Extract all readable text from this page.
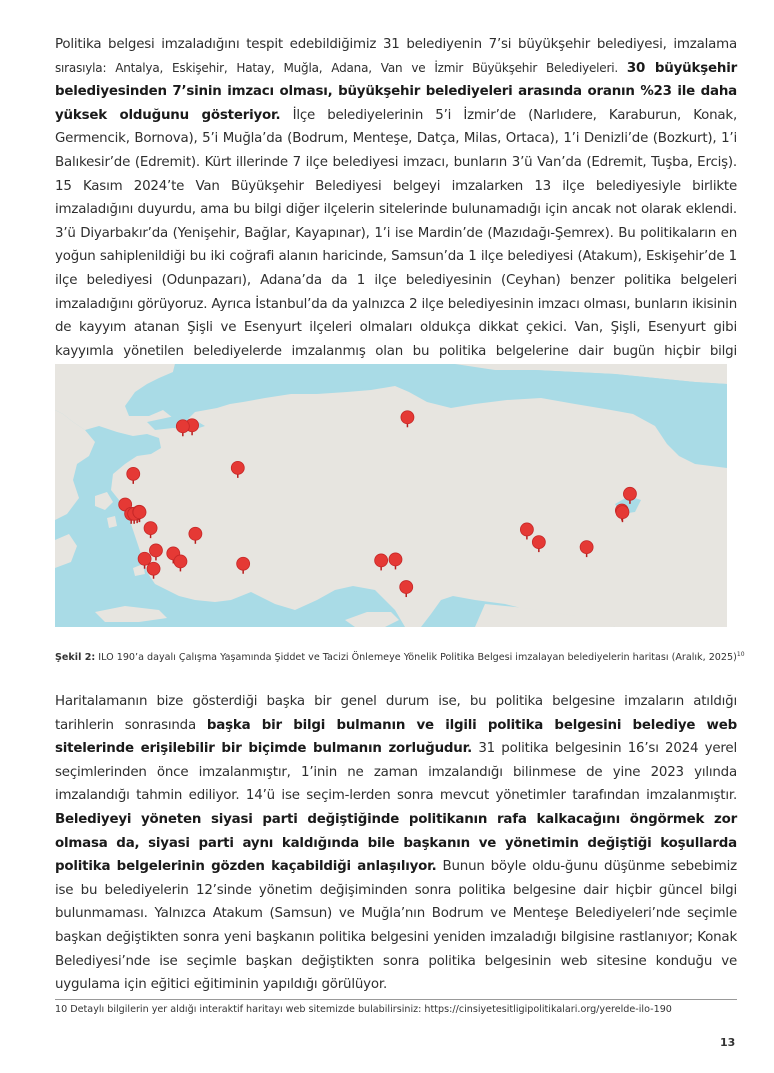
Politika belgesi imzaladığını tespit edebildiğimiz 31 belediyenin 7’si büyükşehir belediyesi, imzalama sırasıyla: Antalya, Eskişehir, Hatay, Muğla, Adana, Van ve İzmir Büyükşehir Belediyeleri. 30 büyükşehir belediyesinden 7’sinin imzacı olması, büyükşehir belediyeleri arasında oranın %23 ile daha yüksek olduğunu gösteriyor. İlçe belediyelerinin 5’i İzmir’de (Narlıdere, Karaburun, Konak, Germencik, Bornova), 5’i Muğla’da (Bodrum, Menteşe, Datça, Milas, Ortaca), 1’i Denizli’de (Bozkurt), 1’i Balıkesir’de (Edremit). Kürt illerinde 7 ilçe belediyesi imzacı, bunların 3’ü Van’da (Edremit, Tuşba, Erciş). 15 Kasım 2024’te Van Büyükşehir Belediyesi belgeyi imzalarken 13 ilçe belediyesiyle birlikte imzaladığını duyurdu, ama bu bilgi diğer ilçelerin sitelerinde bulunamadığı için ancak not olarak eklendi. 3’ü Diyarbakır’da (Yenişehir, Bağlar, Kayapınar), 1’i ise Mardin’de (Mazıdağı-Şemrex). Bu politikaların en yoğun sahiplenildiği bu iki coğrafi alanın haricinde, Samsun’da 1 ilçe belediyesi (Atakum), Eskişehir’de 1 ilçe belediyesi (Odunpazarı), Adana’da da 1 ilçe belediyesinin (Ceyhan) benzer politika belgeleri imzaladığını görüyoruz. Ayrıca İstanbul’da da yalnızca 2 ilçe belediyesinin imzacı olması, bunların ikisinin de kayyım atanan Şişli ve Esenyurt ilçeleri olmaları oldukça dikkat çekici. Van, Şişli, Esenyurt gibi kayyımla yönetilen belediyelerde imzalanmış olan bu politika belgelerine dair bugün hiçbir bilgi

Şekil 2: ILO 190’a dayalı Çalışma Yaşamında Şiddet ve Tacizi Önlemeye Yönelik Politika Belgesi imzalayan belediyelerin haritası (Aralık, 2025)$^{10}$

Haritalamanın bize gösterdiği başka bir genel durum ise, bu politika belgesine imzaların atıldığı tarihlerin sonrasında başka bir bilgi bulmanın ve ilgili politika belgesini belediye web sitelerinde erişilebilir bir biçimde bulmanın zorluğudur. 31 politika belgesinin 16’sı 2024 yerel seçimlerinden önce imzalanmıştır, 1’inin ne zaman imzalandığı bilinmese de yine 2023 yılında imzalandığı tahmin ediliyor. 14’ü ise seçim-lerden sonra mevcut yönetimler tarafından imzalanmıştır. Belediyeyi yöneten siyasi parti değiştiğinde politikanın rafa kalkacağını öngörmek zor olmasa da, siyasi parti aynı kaldığında bile başkanın ve yönetimin değiştiği koşullarda politika belgelerinin gözden kaçabildiği anlaşılıyor. Bunun böyle oldu-ğunu düşünme sebebimiz ise bu belediyelerin 12’sinde yönetim değişiminden sonra politika belgesine dair hiçbir güncel bilgi bulunmaması. Yalnızca Atakum (Samsun) ve Muğla’nın Bodrum ve Menteşe Belediyeleri’nde seçimle başkan değiştikten sonra yeni başkanın politika belgesini yeniden imzaladığı bilgisine rastlanıyor; Konak Belediyesi’nde ise seçimle başkan değiştikten sonra politika belgesinin web sitesine konduğu ve uygulama için eğitici eğitiminin yapıldığı görülüyor.

10 Detaylı bilgilerin yer aldığı interaktif haritayı web sitemizde bulabilirsiniz: https://cinsiyetesitligipolitikalari.org/yerelde-ilo-190

13
